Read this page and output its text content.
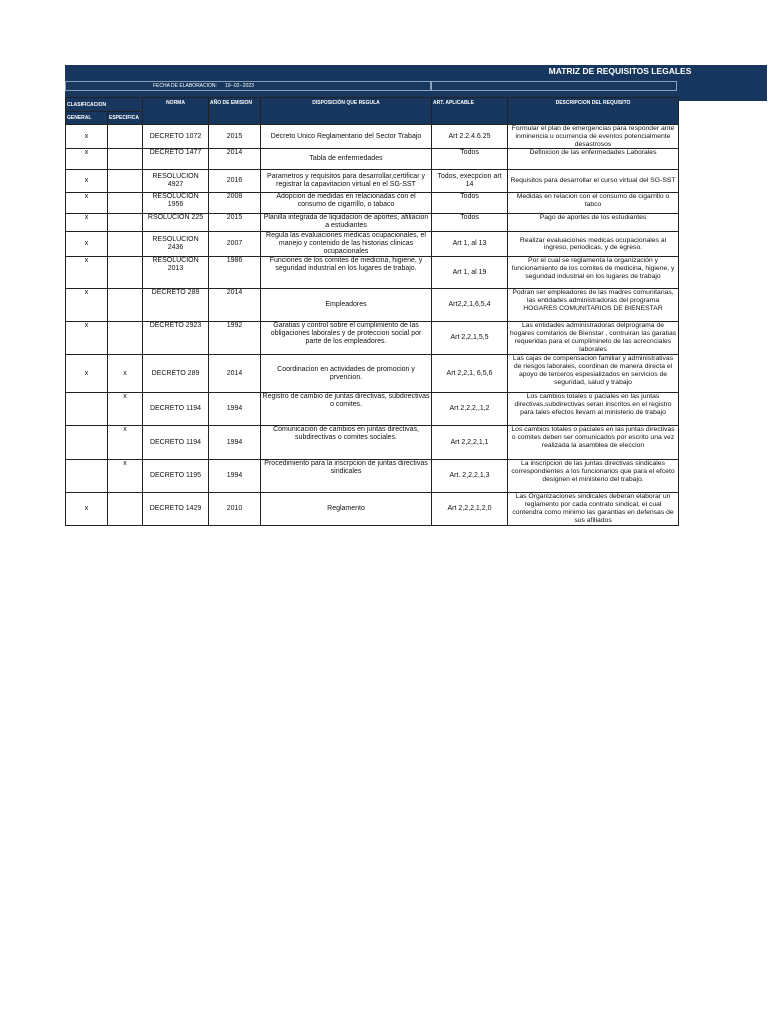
MATRIZ DE REQUISITOS LEGALES
FECHA DE ELABORACION: 19--02--2023
CLASIFICACION		NORMA	AÑO DE EMISION	DISPOSICIÓN QUE REGULA	ART. APLICABLE	DESCRIPCION DEL REQUISITO
GENERAL	ESPECIFICA					
x		DECRETO 1072	2015	Decreto Unico Reglamentario del Sector Trabajo	Art 2.2.4.6.25	Formular el plan de emergencias para responder ante inminencia u ocurrencia de eventos potencialmente desastrosos
x		DECRETO 1477	2014	Tabla de enfermedades	Todos	Definicion de las enfermedades Laborales
x		RESOLUCION 4927	2016	Parametros y requisitos para desarrollar,certificar y registrar la capavitacion virtual en el SG-SST	Todos, execpcion art 14	Requisitos para desarrollar el curso virtual del SG-SST
x		RESOLUCION 1956	2008	Adopcion de medidas en relacionadas con el consumo de cigarrillo, o tabaco	Todos	Medidas en relacion con el consumo de cigarrillo o tabco
x		RSOLUCION 225	2015	Planilla integrada de liquidacion de aportes, afiliacion a estudiantes	Todos	Pago de aportes de los estudiantes
x		RESOLUCION 2436	2007	Regula las evaluaciones medicas ocupacionales, el manejo y contenido de las historias clinicas ocupacionales	Art 1, al 13	Realizar evaluaciones medicas ocupacionales al ingreso, periodicas, y de egreso.
x		RESOLUCION 2013	1986	Funciones de los comites de medicina, higiene, y seguridad industrial en los lugares de trabajo.	Art 1, al 19	Por el cual se reglamenta la organización y funcionamiento de los comites de medicina, higiene, y seguridad industrial en los lugares de trabajo
x		DECRETO 289	2014	Empleadores	Art2,2,1,6,5,4	Podran ser empleadores de las madres comunitarias, las entidades administradoras del programa HOGARES COMUNITARIOS DE BIENESTAR
x		DECRETO 2923	1992	Garatias y control sobre el cumplimiento de las obligaciones laborales y de proteccion social por parte de los empleadores.	Art 2,2,1,5,5	Las entidades administradoras delprograma de hogares comitarios de Bienstar , contruiran las garatias requeridas para el cumplimineto de las acrecnciales laborales
x	x	DECRETO 289	2014	Coordinacion en actividades de promocion y prvencion.	Art 2,2,1, 6,5,6	Las cajas de compensacion familiar y administrativas de riesgos laborales, coordinan de manera directa el apoyo de terceros espesializados en servicios de seguridad, salud y trabajo
	x	DECRETO 1194	1994	Registro de cambio de juntas directivas, subdirectivas o comites.	Art 2,2,2,,1,2	Los cambios totales o paciales en las juntas directivas,subdirectivas seran inscritos en el registro para tales efectos llevarn al ministerio de trabajo
	x	DECRETO 1194	1994	Comunicación de cambios en juntas directivas, subdirectivas o comites sociales.	Art 2,2,2,1,1	Los cambios totales o paciales en las juntas directivas o comites deben ser comunicados por escrito una vez realizada la asamblea de eleccion
	x	DECRETO 1195	1994	Procedimiento para la inscrpcion de juntas directivas sindicales	Art. 2,2,2,1,3	La inscripcion de las juntas directivas sindicales correspondientes a los funcionarios que para el efceto designen el ministerio del trabajo.
x		DECRETO 1429	2010	Reglamento	Art 2,2,2,1,2,0	Las Organizaciones sindicales deberan elaborar un reglamento por cada contrato sindical, el cual contendra como minimo las garantias en defensas de sus afiliados
